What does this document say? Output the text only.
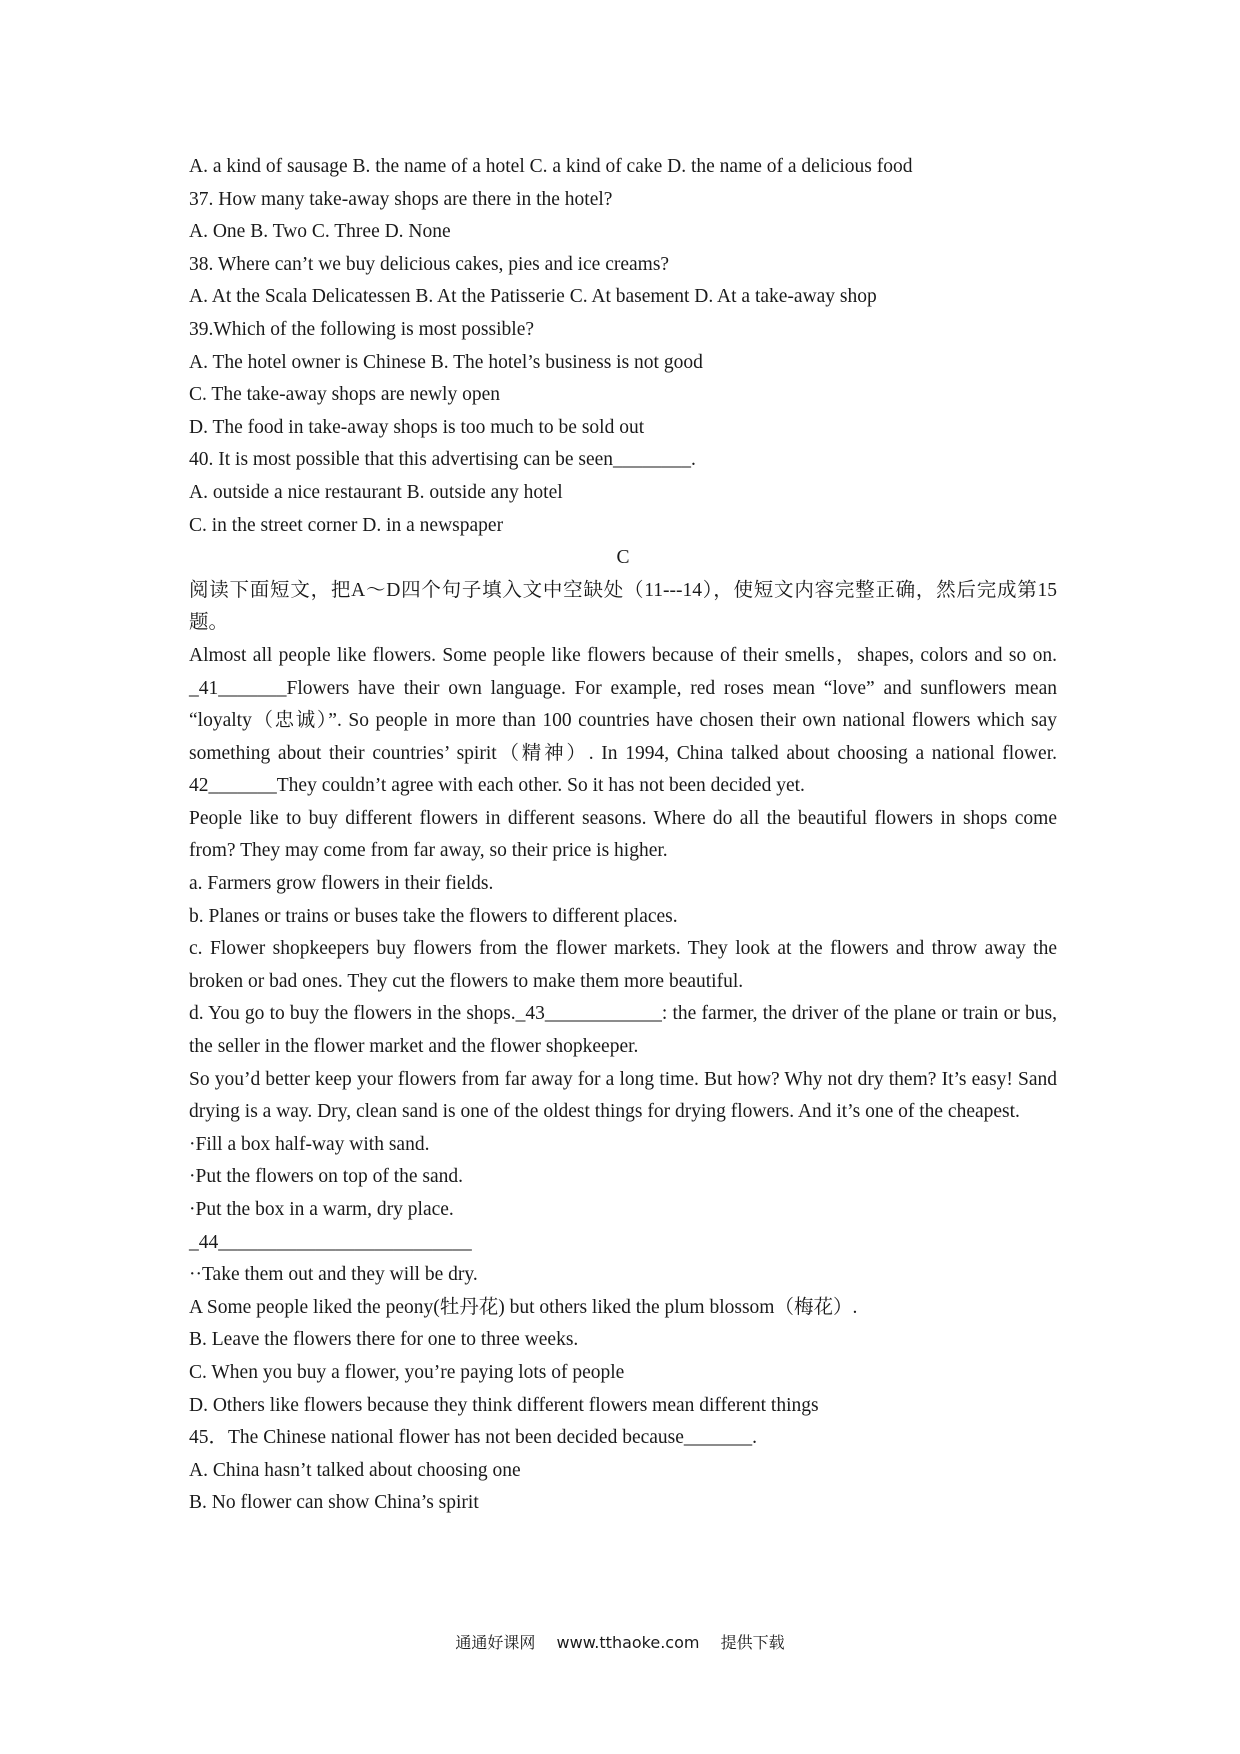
A. a kind of sausage B. the name of a hotel C. a kind of cake D. the name of a delicious food

37. How many take-away shops are there in the hotel?

A. One B. Two C. Three D. None

38. Where can’t we buy delicious cakes, pies and ice creams?

A. At the Scala Delicatessen B. At the Patisserie C. At basement D. At a take-away shop

39.Which of the following is most possible?

A. The hotel owner is Chinese B. The hotel’s business is not good

C. The take-away shops are newly open

D. The food in take-away shops is too much to be sold out

40. It is most possible that this advertising can be seen________.

A. outside a nice restaurant B. outside any hotel

C. in the street corner D. in a newspaper

C

阅读下面短文，把A～D四个句子填入文中空缺处（11---14），使短文内容完整正确，然后完成第15题。

Almost all people like flowers. Some people like flowers because of their smells，shapes, colors and so on. _41_______Flowers have their own language. For example, red roses mean “love” and sunflowers mean “loyalty（忠诚）”. So people in more than 100 countries have chosen their own national flowers which say something about their countries’ spirit（精神）. In 1994, China talked about choosing a national flower. 42_______They couldn’t agree with each other. So it has not been decided yet.

People like to buy different flowers in different seasons. Where do all the beautiful flowers in shops come from? They may come from far away, so their price is higher.

a. Farmers grow flowers in their fields.

b. Planes or trains or buses take the flowers to different places.

c. Flower shopkeepers buy flowers from the flower markets. They look at the flowers and throw away the broken or bad ones. They cut the flowers to make them more beautiful.

d. You go to buy the flowers in the shops._43____________: the farmer, the driver of the plane or train or bus, the seller in the flower market and the flower shopkeeper.

So you’d better keep your flowers from far away for a long time. But how? Why not dry them? It’s easy! Sand drying is a way. Dry, clean sand is one of the oldest things for drying flowers. And it’s one of the cheapest.

·Fill a box half-way with sand.

·Put the flowers on top of the sand.

·Put the box in a warm, dry place.

_44__________________________

··Take them out and they will be dry.

A Some people liked the peony(牡丹花) but others liked the plum blossom（梅花）.

B. Leave the flowers there for one to three weeks.

C. When you buy a flower, you’re paying lots of people

D. Others like flowers because they think different flowers mean different things

45．The Chinese national flower has not been decided because_______.

A. China hasn’t talked about choosing one

B. No flower can show China’s spirit

通通好课网 www.tthaoke.com 提供下载
